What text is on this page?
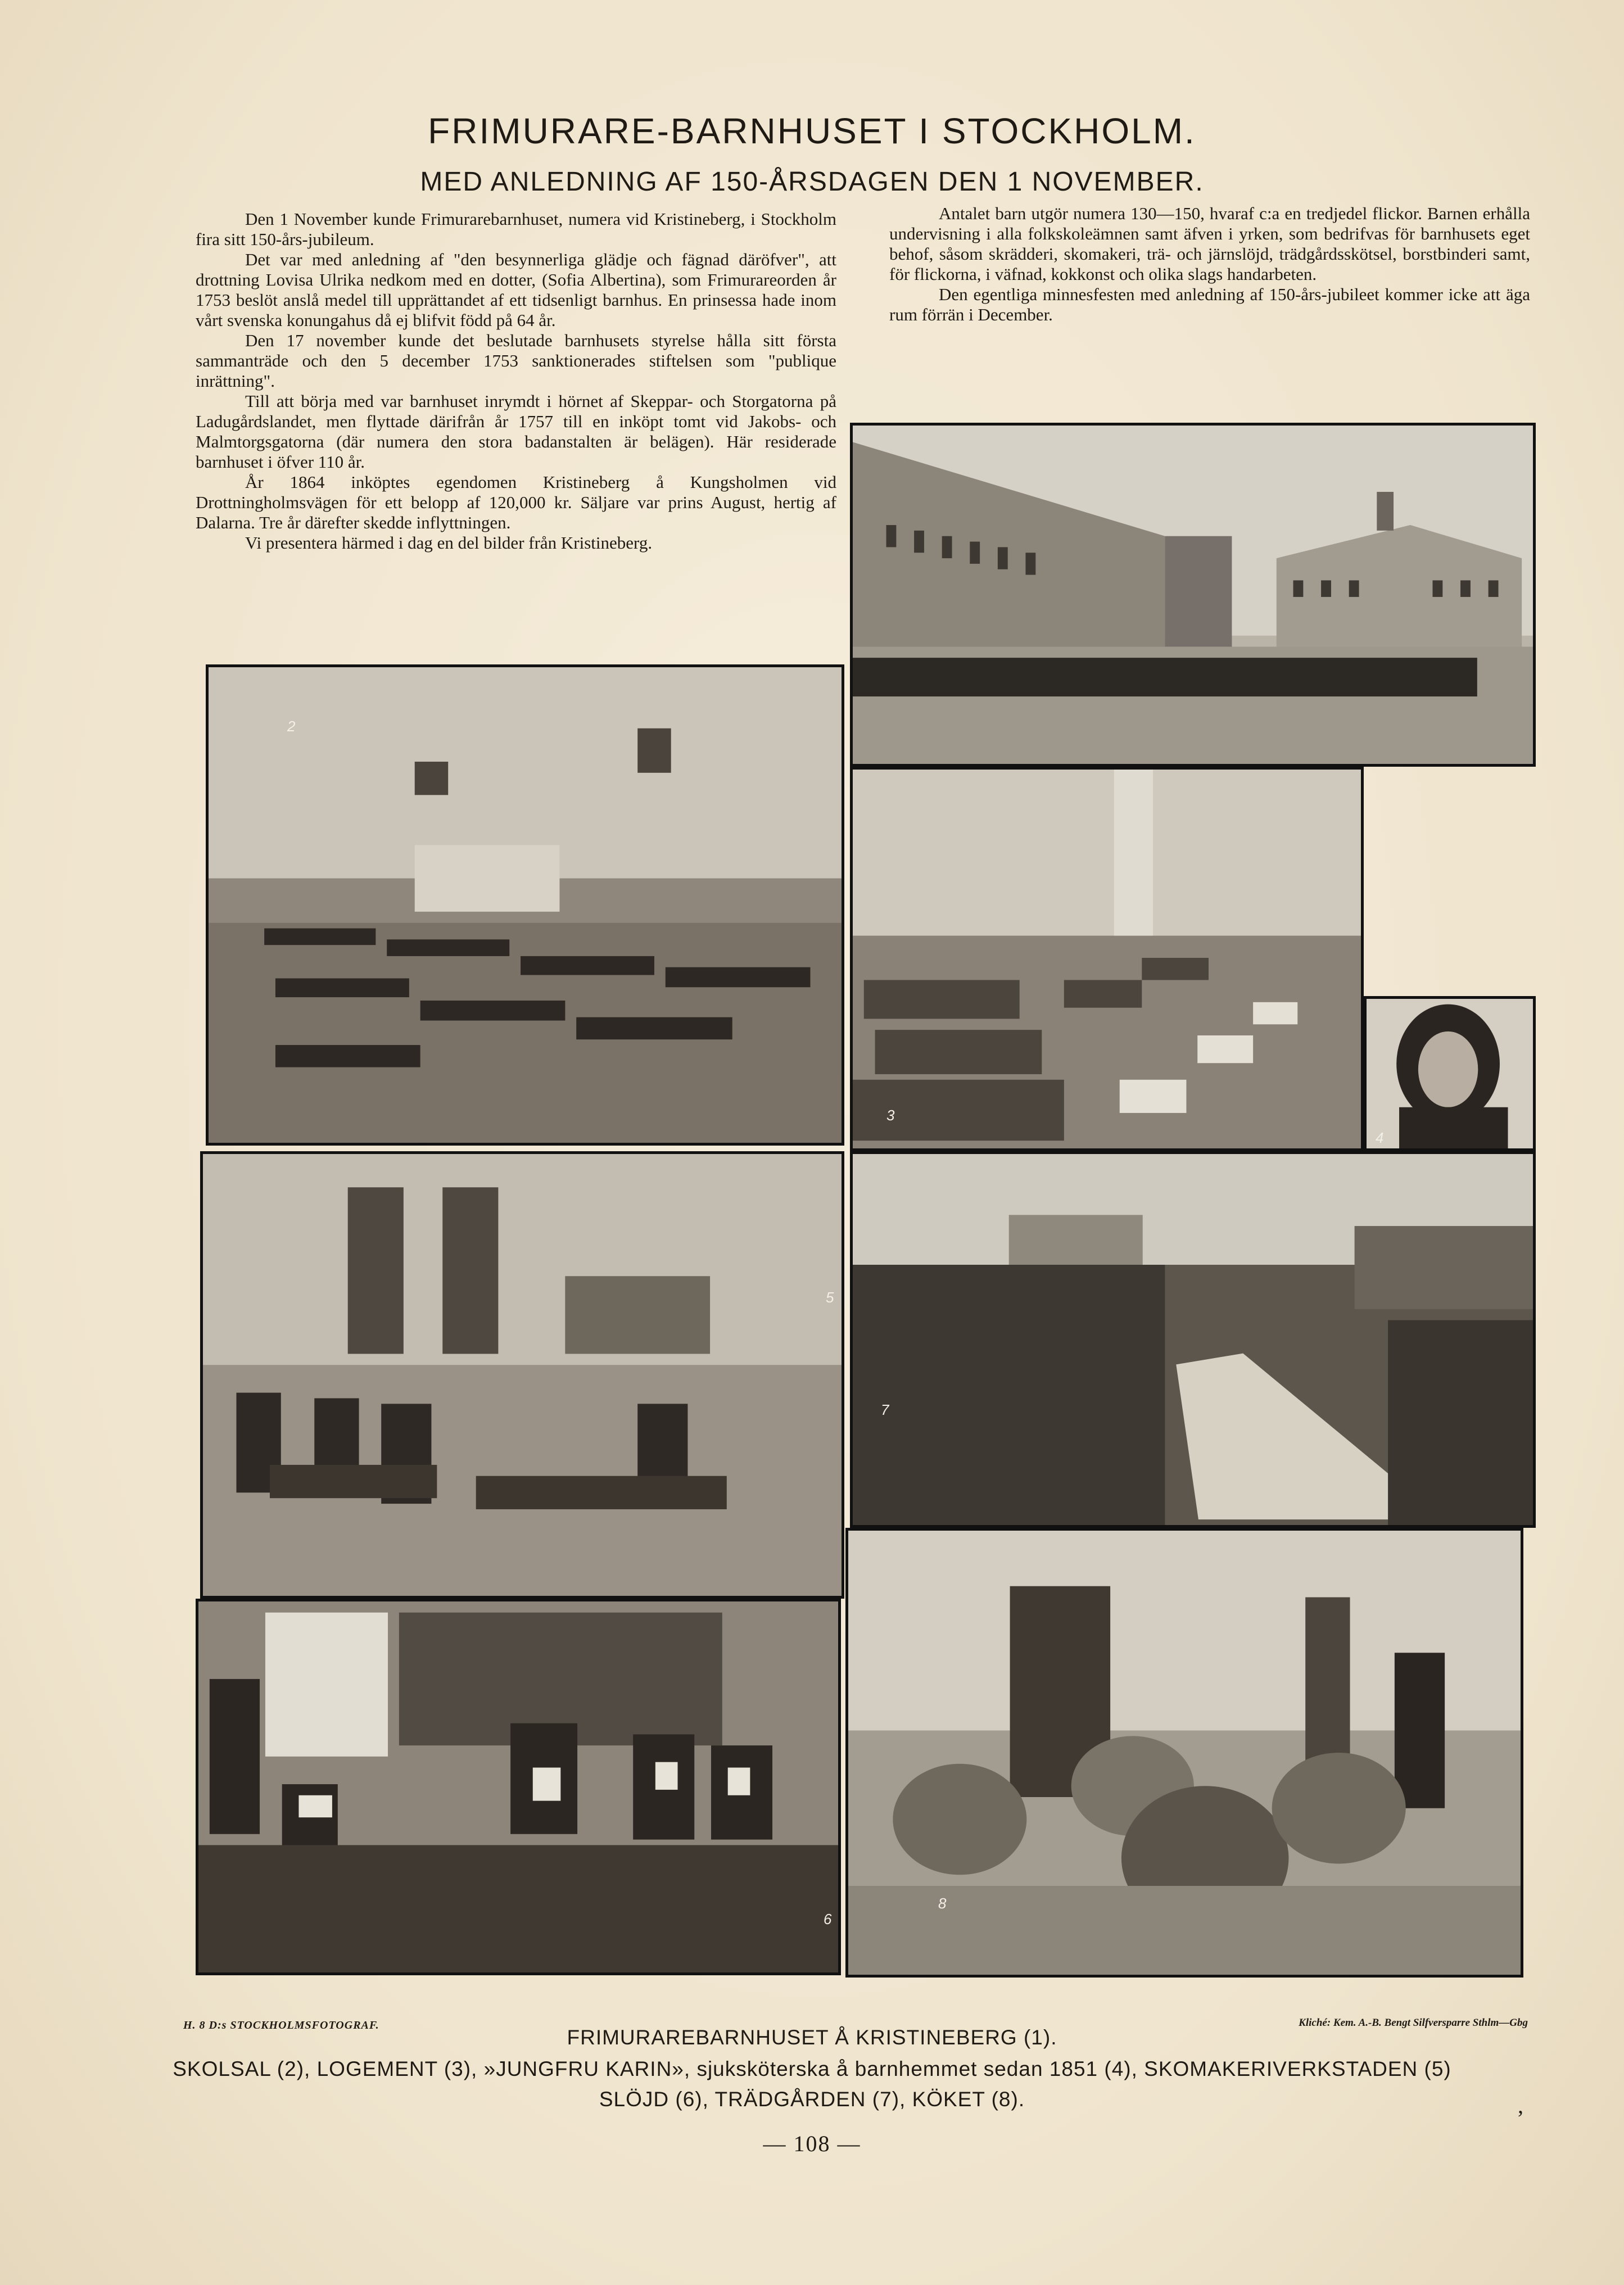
FRIMURARE-BARNHUSET I STOCKHOLM.
MED ANLEDNING AF 150-ÅRSDAGEN DEN 1 NOVEMBER.

Den 1 November kunde Frimurarebarnhuset, numera vid Kristineberg, i Stockholm fira sitt 150-års-jubileum.

Det var med anledning af "den besynnerliga glädje och fägnad däröfver", att drottning Lovisa Ulrika nedkom med en dotter, (Sofia Albertina), som Frimurareorden år 1753 beslöt anslå medel till upprättandet af ett tidsenligt barnhus. En prinsessa hade inom vårt svenska konungahus då ej blifvit född på 64 år.

Den 17 november kunde det beslutade barnhusets styrelse hålla sitt första sammanträde och den 5 december 1753 sanktionerades stiftelsen som "publique inrättning".

Till att börja med var barnhuset inrymdt i hörnet af Skeppar- och Storgatorna på Ladugårdslandet, men flyttade därifrån år 1757 till en inköpt tomt vid Jakobs- och Malmtorgsgatorna (där numera den stora badanstalten är belägen). Här residerade barnhuset i öfver 110 år.

År 1864 inköptes egendomen Kristineberg å Kungsholmen vid Drottningholmsvägen för ett belopp af 120,000 kr. Säljare var prins August, hertig af Dalarna. Tre år därefter skedde inflyttningen.

Vi presentera härmed i dag en del bilder från Kristineberg.

Antalet barn utgör numera 130—150, hvaraf c:a en tredjedel flickor. Barnen erhålla undervisning i alla folkskoleämnen samt äfven i yrken, som bedrifvas för barnhusets eget behof, såsom skrädderi, skomakeri, trä- och järnslöjd, trädgårdsskötsel, borstbinderi samt, för flickorna, i väfnad, kokkonst och olika slags handarbeten.

Den egentliga minnesfesten med anledning af 150-års-jubileet kommer icke att äga rum förrän i December.

2
3
4
5
7
6
8
H. 8 D:s STOCKHOLMSFOTOGRAF.	Kliché: Kem. A.-B. Bengt Silfversparre Sthlm—Gbg
FRIMURAREBARNHUSET Å KRISTINEBERG (1).
SKOLSAL (2), LOGEMENT (3), »JUNGFRU KARIN», sjuksköterska å barnhemmet sedan 1851 (4), SKOMAKERIVERKSTADEN (5)
SLÖJD (6), TRÄDGÅRDEN (7), KÖKET (8).	,
— 108 —
